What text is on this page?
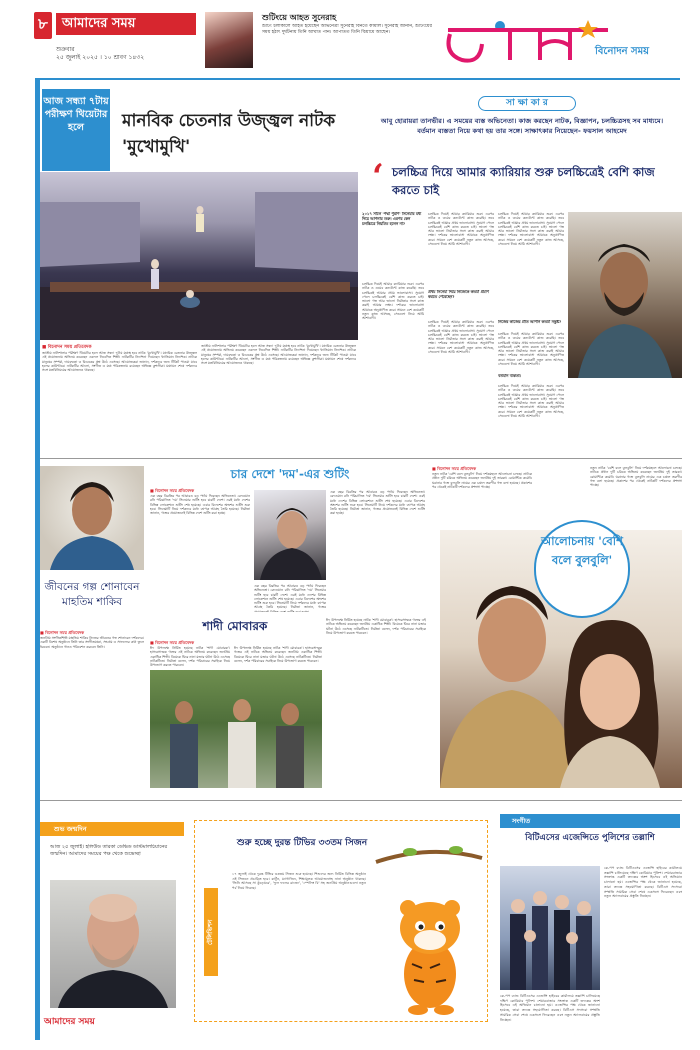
৮	আমাদের সময়
শুক্রবার
২৫ জুলাই ২০২৫ । ১০ শ্রাবণ ১৪৩২
শুটিংয়ে আহত সুনেরাহ
শুটিং চলাকালে আহত হয়েছেন অভিনেত্রী সুনেরাহ বিনতে কামাল। সুনেরাহ জানান, শুটিংয়ের সময় হঠাৎ দুর্ঘটনায় তিনি আঘাত পান। আপাতত তিনি বিশ্রামে আছেন।
বিনোদন সময়
আজ সন্ধ্যা ৭টায় পরীক্ষণ থিয়েটার হলে	মানবিক চেতনার উজ্জ্বল নাটক 'মুখোমুখি'
■ বিনোদন সময় প্রতিবেদক
জাতীয় নাট্যশালার পরীক্ষণ থিয়েটার হলে আজ সন্ধ্যা ৭টায় মঞ্চস্থ হবে নাটক 'মুখোমুখি'। মানবিক চেতনার উজ্জ্বল এই প্রযোজনায় অভিনয় করেছেন একদল নিবেদিত শিল্পী। নাটকটির নির্দেশনা দিয়েছেন খ্যাতিমান নির্দেশক। নাটকে মানুষের সম্পর্ক, দায়বদ্ধতা ও বিবেকের প্রশ্ন উঠে এসেছে। আয়োজকরা জানান, দর্শকদের জন্য টিকিট পাওয়া যাবে হলের কাউন্টারে। নাটকটির আলো, সংগীত ও মঞ্চ পরিকল্পনায় রয়েছেন অভিজ্ঞ কুশলীরা। মঞ্চায়ন শেষে দর্শকদের সঙ্গে মতবিনিময়ের আয়োজনও থাকছে।
জাতীয় নাট্যশালার পরীক্ষণ থিয়েটার হলে আজ সন্ধ্যা ৭টায় মঞ্চস্থ হবে নাটক 'মুখোমুখি'। মানবিক চেতনার উজ্জ্বল এই প্রযোজনায় অভিনয় করেছেন একদল নিবেদিত শিল্পী। নাটকটির নির্দেশনা দিয়েছেন খ্যাতিমান নির্দেশক। নাটকে মানুষের সম্পর্ক, দায়বদ্ধতা ও বিবেকের প্রশ্ন উঠে এসেছে। আয়োজকরা জানান, দর্শকদের জন্য টিকিট পাওয়া যাবে হলের কাউন্টারে। নাটকটির আলো, সংগীত ও মঞ্চ পরিকল্পনায় রয়েছেন অভিজ্ঞ কুশলীরা। মঞ্চায়ন শেষে দর্শকদের সঙ্গে মতবিনিময়ের আয়োজনও থাকছে।
সা ক্ষা কা র
আবু হোরায়রা তানভীর। এ সময়ের ব্যস্ত অভিনেতা। কাজ করছেন নাটক, বিজ্ঞাপন, চলচ্চিত্রসহ সব মাধ্যমে। বর্তমান ব্যস্ততা নিয়ে কথা হয় তার সঙ্গে। সাক্ষাৎকার নিয়েছেন- ফয়সাল আহমেদ
‘ চলচ্চিত্র দিয়ে আমার ক্যারিয়ার শুরু চলচ্চিত্রেই বেশি কাজ করতে চাই
২০১৭ সালে 'পদ্মা পুরাণ' সিনেমার মধ্য দিয়ে আপনার শুরু। এরপর কেন চলচ্চিত্রে নিয়মিত হলেন না?
চলচ্চিত্র দিয়েই আমার ক্যারিয়ার শুরু। এরপর নাটক ও ওয়েব কনটেন্টে কাজ করেছি। তবে চলচ্চিত্রই আমার প্রথম ভালোবাসা। সুযোগ পেলে চলচ্চিত্রেই বেশি কাজ করতে চাই। ভালো গল্প আর ভালো নির্মাতার সঙ্গে কাজ করাই আমার লক্ষ্য। দর্শকের ভালোবাসা আমাকে অনুপ্রাণিত করে। সামনে বেশ কয়েকটি নতুন কাজ আসছে, সেগুলো নিয়ে আমি আশাবাদী।
চলচ্চিত্র দিয়েই আমার ক্যারিয়ার শুরু। এরপর নাটক ও ওয়েব কনটেন্টে কাজ করেছি। তবে চলচ্চিত্রই আমার প্রথম ভালোবাসা। সুযোগ পেলে চলচ্চিত্রেই বেশি কাজ করতে চাই। ভালো গল্প আর ভালো নির্মাতার সঙ্গে কাজ করাই আমার লক্ষ্য। দর্শকের ভালোবাসা আমাকে অনুপ্রাণিত করে। সামনে বেশ কয়েকটি নতুন কাজ আসছে, সেগুলো নিয়ে আমি আশাবাদী।
প্রথম সিনেমা দিয়ে নিজেকে কতটা প্রমাণ করতে পেরেছেন?
চলচ্চিত্র দিয়েই আমার ক্যারিয়ার শুরু। এরপর নাটক ও ওয়েব কনটেন্টে কাজ করেছি। তবে চলচ্চিত্রই আমার প্রথম ভালোবাসা। সুযোগ পেলে চলচ্চিত্রেই বেশি কাজ করতে চাই। ভালো গল্প আর ভালো নির্মাতার সঙ্গে কাজ করাই আমার লক্ষ্য। দর্শকের ভালোবাসা আমাকে অনুপ্রাণিত করে। সামনে বেশ কয়েকটি নতুন কাজ আসছে, সেগুলো নিয়ে আমি আশাবাদী।
চলচ্চিত্র দিয়েই আমার ক্যারিয়ার শুরু। এরপর নাটক ও ওয়েব কনটেন্টে কাজ করেছি। তবে চলচ্চিত্রই আমার প্রথম ভালোবাসা। সুযোগ পেলে চলচ্চিত্রেই বেশি কাজ করতে চাই। ভালো গল্প আর ভালো নির্মাতার সঙ্গে কাজ করাই আমার লক্ষ্য। দর্শকের ভালোবাসা আমাকে অনুপ্রাণিত করে। সামনে বেশ কয়েকটি নতুন কাজ আসছে, সেগুলো নিয়ে আমি আশাবাদী।
নিজের কাজের প্রতি আপনি কতটা সন্তুষ্ট?
চলচ্চিত্র দিয়েই আমার ক্যারিয়ার শুরু। এরপর নাটক ও ওয়েব কনটেন্টে কাজ করেছি। তবে চলচ্চিত্রই আমার প্রথম ভালোবাসা। সুযোগ পেলে চলচ্চিত্রেই বেশি কাজ করতে চাই। ভালো গল্প আর ভালো নির্মাতার সঙ্গে কাজ করাই আমার লক্ষ্য। দর্শকের ভালোবাসা আমাকে অনুপ্রাণিত করে। সামনে বেশ কয়েকটি নতুন কাজ আসছে, সেগুলো নিয়ে আমি আশাবাদী।
বর্তমান ব্যস্ততা।
চলচ্চিত্র দিয়েই আমার ক্যারিয়ার শুরু। এরপর নাটক ও ওয়েব কনটেন্টে কাজ করেছি। তবে চলচ্চিত্রই আমার প্রথম ভালোবাসা। সুযোগ পেলে চলচ্চিত্রেই বেশি কাজ করতে চাই। ভালো গল্প আর ভালো নির্মাতার সঙ্গে কাজ করাই আমার লক্ষ্য। দর্শকের ভালোবাসা আমাকে অনুপ্রাণিত করে। সামনে বেশ কয়েকটি নতুন কাজ আসছে, সেগুলো নিয়ে আমি আশাবাদী।
চার দেশে 'দম'-এর শুটিং
■ বিনোদন সময় প্রতিবেদক
এক বছর বিরতির পর আবারও বড় পর্দায় ফিরছেন অভিনেতা। রেদওয়ান রনি পরিচালিত 'দম' সিনেমার শুটিং হবে চারটি দেশে। এরই মধ্যে দেশের বিভিন্ন লোকেশনে শুটিং শেষ হয়েছে। এবার বিদেশের অংশের শুটিং শুরু হবে। সিনেমাটি নিয়ে দর্শকদের মধ্যে ব্যাপক আগ্রহ তৈরি হয়েছে। নির্মাতা জানান, গল্পের প্রয়োজনেই বিভিন্ন দেশে শুটিং করা হচ্ছে।
এক বছর বিরতির পর আবারও বড় পর্দায় ফিরছেন অভিনেতা। রেদওয়ান রনি পরিচালিত 'দম' সিনেমার শুটিং হবে চারটি দেশে। এরই মধ্যে দেশের বিভিন্ন লোকেশনে শুটিং শেষ হয়েছে। এবার বিদেশের অংশের শুটিং শুরু হবে। সিনেমাটি নিয়ে দর্শকদের মধ্যে ব্যাপক আগ্রহ তৈরি হয়েছে। নির্মাতা জানান, গল্পের প্রয়োজনেই বিভিন্ন দেশে শুটিং করা হচ্ছে।
এক বছর বিরতির পর আবারও বড় পর্দায় ফিরছেন অভিনেতা। রেদওয়ান রনি পরিচালিত 'দম' সিনেমার শুটিং হবে চারটি দেশে। এরই মধ্যে দেশের বিভিন্ন লোকেশনে শুটিং শেষ হয়েছে। এবার বিদেশের অংশের শুটিং শুরু হবে। সিনেমাটি নিয়ে দর্শকদের মধ্যে ব্যাপক আগ্রহ তৈরি হয়েছে। নির্মাতা জানান, গল্পের প্রয়োজনেই বিভিন্ন দেশে শুটিং করা হচ্ছে।
জীবনের গল্প শোনাবেন মাহতিম শাকিব
■ বিনোদন সময় প্রতিবেদক
জনপ্রিয় সংগীতশিল্পী মাহতিম শাকিব নিজের জীবনের গল্প শোনাবেন দর্শকদের। একটি বিশেষ অনুষ্ঠানে তিনি তার সংগীতযাত্রা, সংগ্রাম ও সাফল্যের কথা তুলে ধরবেন। অনুষ্ঠানে গানও পরিবেশন করবেন তিনি।
শাদী মোবারক
■ বিনোদন সময় প্রতিবেদক
ঈদ উপলক্ষে নির্মিত হয়েছে নাটক 'শাদী মোবারক'। হাস্যরসাত্মক গল্পের এই নাটকে অভিনয় করেছেন জনপ্রিয় একাধিক শিল্পী। বিয়েকে ঘিরে নানা মজার ঘটনা উঠে এসেছে নাটকটিতে। নির্মাতা বলেন, দর্শক পরিবারের সবাইকে নিয়ে উপভোগ করতে পারবেন।
ঈদ উপলক্ষে নির্মিত হয়েছে নাটক 'শাদী মোবারক'। হাস্যরসাত্মক গল্পের এই নাটকে অভিনয় করেছেন জনপ্রিয় একাধিক শিল্পী। বিয়েকে ঘিরে নানা মজার ঘটনা উঠে এসেছে নাটকটিতে। নির্মাতা বলেন, দর্শক পরিবারের সবাইকে নিয়ে উপভোগ করতে পারবেন।
ঈদ উপলক্ষে নির্মিত হয়েছে নাটক 'শাদী মোবারক'। হাস্যরসাত্মক গল্পের এই নাটকে অভিনয় করেছেন জনপ্রিয় একাধিক শিল্পী। বিয়েকে ঘিরে নানা মজার ঘটনা উঠে এসেছে নাটকটিতে। নির্মাতা বলেন, দর্শক পরিবারের সবাইকে নিয়ে উপভোগ করতে পারবেন।
■ বিনোদন সময় প্রতিবেদক
নতুন নাটক 'বেশি বলে বুলবুলি' নিয়ে দর্শকমহলে আলোচনা চলছে। নাটকে প্রধান দুটি চরিত্রে অভিনয় করেছেন জনপ্রিয় দুই তারকা। রোমান্টিক কমেডি ঘরানার গল্পে বুলবুলি নামের এক চঞ্চল তরুণীর গল্প বলা হয়েছে। প্রকাশের পর থেকেই নাটকটি দর্শকদের প্রশংসা পাচ্ছে।
নতুন নাটক 'বেশি বলে বুলবুলি' নিয়ে দর্শকমহলে আলোচনা চলছে। নাটকে প্রধান দুটি চরিত্রে অভিনয় করেছেন জনপ্রিয় দুই তারকা। রোমান্টিক কমেডি ঘরানার গল্পে বুলবুলি নামের এক চঞ্চল তরুণীর গল্প বলা হয়েছে। প্রকাশের পর থেকেই নাটকটি দর্শকদের প্রশংসা পাচ্ছে।
আলোচনায় 'বেশি বলে বুলবুলি'
শুভ জন্মদিন
আজ ২৫ জুলাই। হলিউড তারকা ডেভিড ডাস্টমালচিয়ানের জন্মদিন। আমাদের সময়ের পক্ষ থেকে শুভেচ্ছা
আমাদের সময়
টেলিভিশন
শুরু হচ্ছে দুরন্ত টিভির ৩৩তম সিজন
১৭ জুলাই থেকে দুরন্ত টিভির ৩৩তম সিজন শুরু হয়েছে। শিশুদের জন্য নির্মিত বিভিন্ন অনুষ্ঠান এই সিজনে প্রচারিত হবে। কার্টুন, ম্যাগাজিন, শিক্ষামূলক আয়োজনসহ নানা অনুষ্ঠান থাকছে। 'ভিনি আসছে সা কুঁড়েঘরে', 'ফুল ফলের রাজ্যে', 'স্পেলিং বি' সহ জনপ্রিয় অনুষ্ঠানগুলো নতুন পর্ব নিয়ে ফিরছে।
সংগীত
বিটিএসের এজেন্সিতে পুলিশের তল্লাশি
কে-পপ ব্যান্ড বিটিএসের এজেন্সি হাইবের কার্যালয়ে তল্লাশি চালিয়েছে দক্ষিণ কোরিয়ার পুলিশ। শেয়ারবাজার সংক্রান্ত একটি তদন্তের অংশ হিসেবে এই অভিযান চালানো হয়। এজেন্সির পক্ষ থেকে জানানো হয়েছে, তারা তদন্তে সহযোগিতা করছে। বিটিএস সদস্যরা সম্প্রতি সামরিক সেবা শেষে একসঙ্গে ফিরেছেন এবং নতুন অ্যালবামের প্রস্তুতি নিচ্ছেন।
কে-পপ ব্যান্ড বিটিএসের এজেন্সি হাইবের কার্যালয়ে তল্লাশি চালিয়েছে দক্ষিণ কোরিয়ার পুলিশ। শেয়ারবাজার সংক্রান্ত একটি তদন্তের অংশ হিসেবে এই অভিযান চালানো হয়। এজেন্সির পক্ষ থেকে জানানো হয়েছে, তারা তদন্তে সহযোগিতা করছে। বিটিএস সদস্যরা সম্প্রতি সামরিক সেবা শেষে একসঙ্গে ফিরেছেন এবং নতুন অ্যালবামের প্রস্তুতি নিচ্ছেন।
